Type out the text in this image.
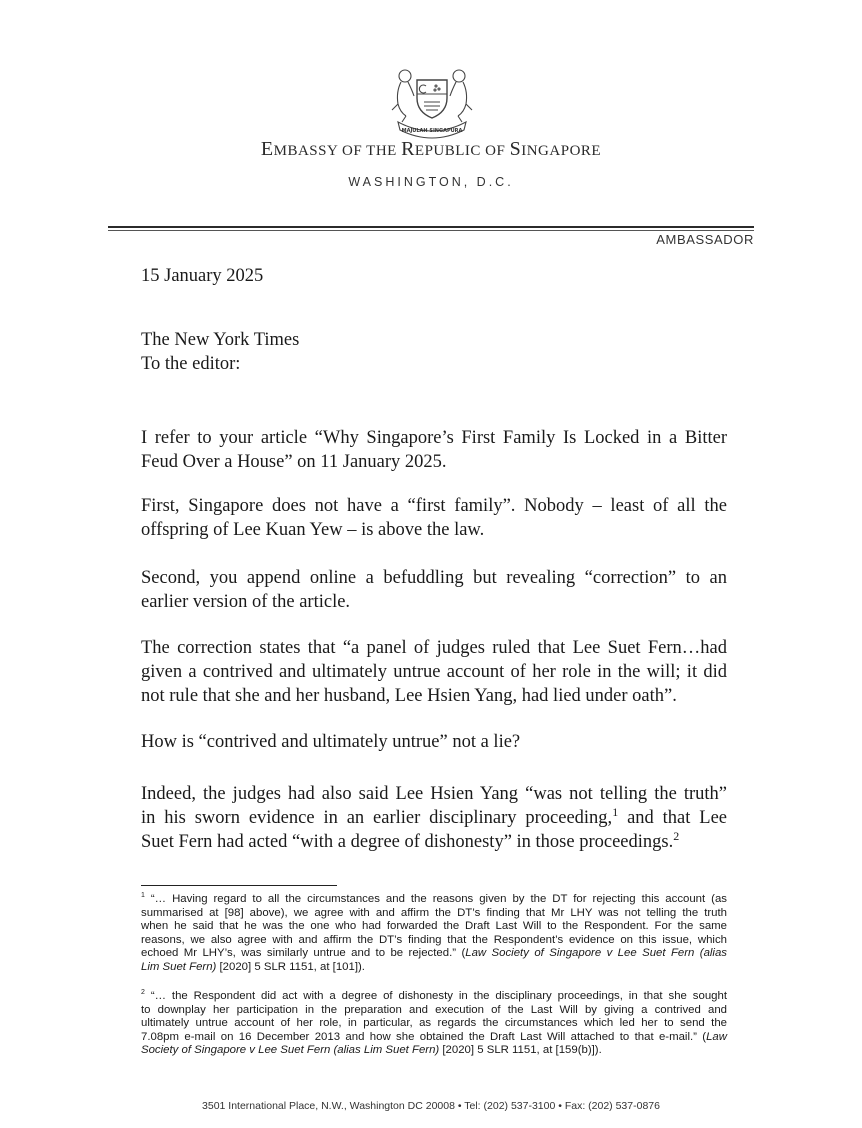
MAJULAH SINGAPURA
EMBASSY OF THE REPUBLIC OF SINGAPORE
WASHINGTON, D.C.
AMBASSADOR

15 January 2025

The New York Times
To the editor:

I refer to your article “Why Singapore’s First Family Is Locked in a Bitter
Feud Over a House” on 11 January 2025.

First, Singapore does not have a “first family”. Nobody – least of all the
offspring of Lee Kuan Yew – is above the law.

Second, you append online a befuddling but revealing “correction” to an
earlier version of the article.

The correction states that “a panel of judges ruled that Lee Suet Fern…had
given a contrived and ultimately untrue account of her role in the will; it did
not rule that she and her husband, Lee Hsien Yang, had lied under oath”.

How is “contrived and ultimately untrue” not a lie?

Indeed, the judges had also said Lee Hsien Yang “was not telling the truth”
in his sworn evidence in an earlier disciplinary proceeding,$^1$ and that Lee
Suet Fern had acted “with a degree of dishonesty” in those proceedings.$^2$

$^1$ “… Having regard to all the circumstances and the reasons given by the DT for rejecting this account (as
summarised at [98] above), we agree with and affirm the DT’s finding that Mr LHY was not telling the truth
when he said that he was the one who had forwarded the Draft Last Will to the Respondent. For the same
reasons, we also agree with and affirm the DT’s finding that the Respondent’s evidence on this issue, which
echoed Mr LHY’s, was similarly untrue and to be rejected.” (Law Society of Singapore v Lee Suet Fern (alias
Lim Suet Fern) [2020] 5 SLR 1151, at [101]).

$^2$ “… the Respondent did act with a degree of dishonesty in the disciplinary proceedings, in that she sought
to downplay her participation in the preparation and execution of the Last Will by giving a contrived and
ultimately untrue account of her role, in particular, as regards the circumstances which led her to send the
7.08pm e-mail on 16 December 2013 and how she obtained the Draft Last Will attached to that e-mail.” (Law
Society of Singapore v Lee Suet Fern (alias Lim Suet Fern) [2020] 5 SLR 1151, at [159(b)]).

3501 International Place, N.W., Washington DC 20008 • Tel: (202) 537-3100 • Fax: (202) 537-0876
